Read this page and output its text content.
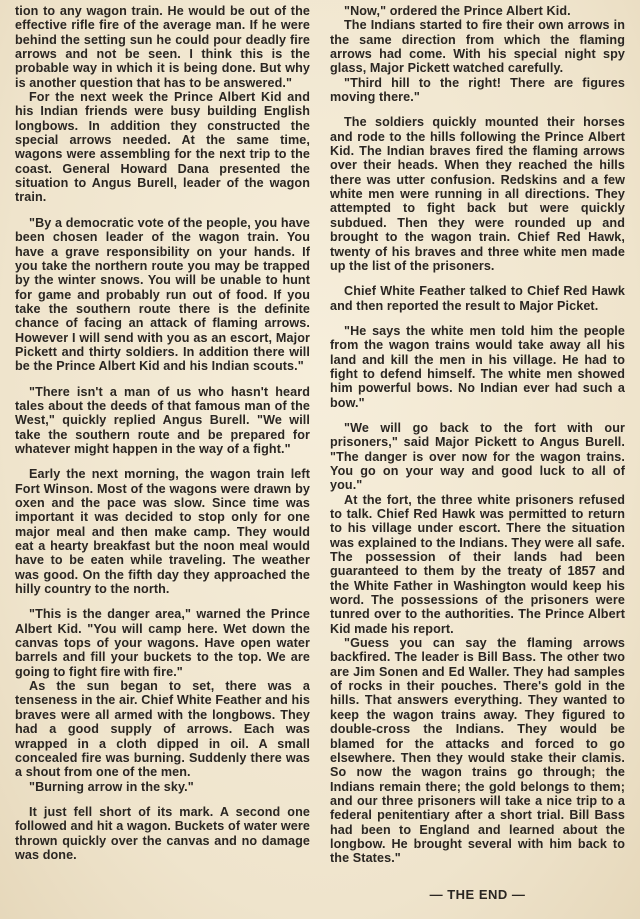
tion to any wagon train. He would be out of the effective rifle fire of the average man. If he were behind the setting sun he could pour deadly fire arrows and not be seen. I think this is the probable way in which it is being done. But why is another question that has to be answered."

For the next week the Prince Albert Kid and his Indian friends were busy building English longbows. In addition they constructed the special arrows needed. At the same time, wagons were assembling for the next trip to the coast. General Howard Dana presented the situation to Angus Burell, leader of the wagon train.

"By a democratic vote of the people, you have been chosen leader of the wagon train. You have a grave responsibility on your hands. If you take the northern route you may be trapped by the winter snows. You will be unable to hunt for game and probably run out of food. If you take the southern route there is the definite chance of facing an attack of flaming arrows. However I will send with you as an escort, Major Pickett and thirty soldiers. In addition there will be the Prince Albert Kid and his Indian scouts."

"There isn't a man of us who hasn't heard tales about the deeds of that famous man of the West," quickly replied Angus Burell. "We will take the southern route and be prepared for whatever might happen in the way of a fight."

Early the next morning, the wagon train left Fort Winson. Most of the wagons were drawn by oxen and the pace was slow. Since time was important it was decided to stop only for one major meal and then make camp. They would eat a hearty breakfast but the noon meal would have to be eaten while traveling. The weather was good. On the fifth day they approached the hilly country to the north.

"This is the danger area," warned the Prince Albert Kid. "You will camp here. Wet down the canvas tops of your wagons. Have open water barrels and fill your buckets to the top. We are going to fight fire with fire."

As the sun began to set, there was a tenseness in the air. Chief White Feather and his braves were all armed with the longbows. They had a good supply of arrows. Each was wrapped in a cloth dipped in oil. A small concealed fire was burning. Suddenly there was a shout from one of the men.

"Burning arrow in the sky."

It just fell short of its mark. A second one followed and hit a wagon. Buckets of water were thrown quickly over the canvas and no damage was done.

"Now," ordered the Prince Albert Kid.

The Indians started to fire their own arrows in the same direction from which the flaming arrows had come. With his special night spy glass, Major Pickett watched carefully.

"Third hill to the right! There are figures moving there."

The soldiers quickly mounted their horses and rode to the hills following the Prince Albert Kid. The Indian braves fired the flaming arrows over their heads. When they reached the hills there was utter confusion. Redskins and a few white men were running in all directions. They attempted to fight back but were quickly subdued. Then they were rounded up and brought to the wagon train. Chief Red Hawk, twenty of his braves and three white men made up the list of the prisoners.

Chief White Feather talked to Chief Red Hawk and then reported the result to Major Picket.

"He says the white men told him the people from the wagon trains would take away all his land and kill the men in his village. He had to fight to defend himself. The white men showed him powerful bows. No Indian ever had such a bow."

"We will go back to the fort with our prisoners," said Major Pickett to Angus Burell. "The danger is over now for the wagon trains. You go on your way and good luck to all of you."

At the fort, the three white prisoners refused to talk. Chief Red Hawk was permitted to return to his village under escort. There the situation was explained to the Indians. They were all safe. The possession of their lands had been guaranteed to them by the treaty of 1857 and the White Father in Washington would keep his word. The possessions of the prisoners were tunred over to the authorities. The Prince Albert Kid made his report.

"Guess you can say the flaming arrows backfired. The leader is Bill Bass. The other two are Jim Sonen and Ed Waller. They had samples of rocks in their pouches. There's gold in the hills. That answers everything. They wanted to keep the wagon trains away. They figured to double-cross the Indians. They would be blamed for the attacks and forced to go elsewhere. Then they would stake their clamis. So now the wagon trains go through; the Indians remain there; the gold belongs to them; and our three prisoners will take a nice trip to a federal penitentiary after a short trial. Bill Bass had been to England and learned about the longbow. He brought several with him back to the States."

— THE END —
